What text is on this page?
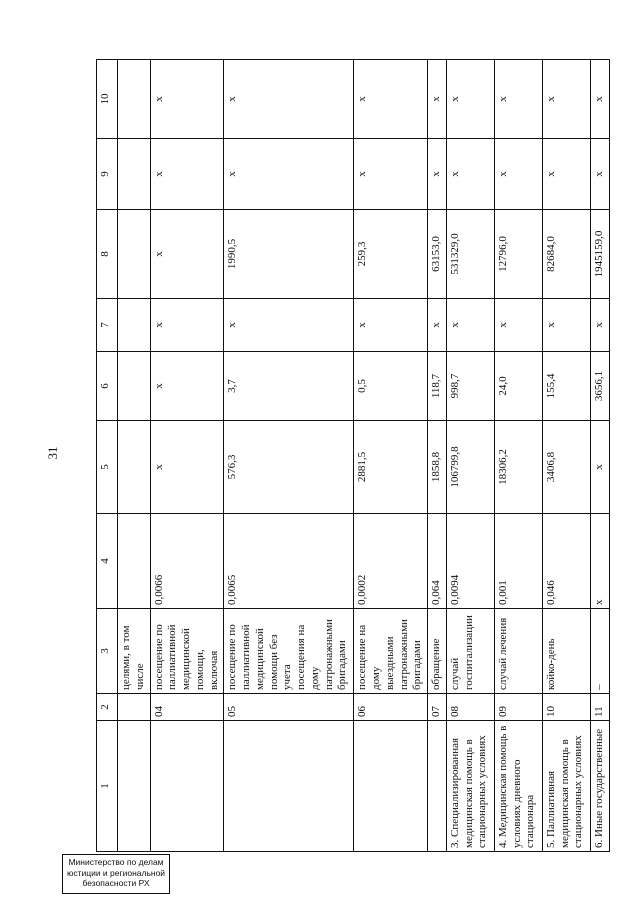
31
1	2	3	4	5	6	7	8	9	10
		целями, в том числе							
	04	посещение по паллиативной медицинской помощи, включая	0,0066	x	x	x	x	x	x
	05	посещение по паллиативной медицинской помощи без учета посещения на дому патронажными бригадами	0,0065	576,3	3,7	x	1990,5	x	x
	06	посещение на дому выездными патронажными бригадами	0,0002	2881,5	0,5	x	259,3	x	x
	07	обращение	0,064	1858,8	118,7	x	63153,0	x	x
3. Специализированная медицинская помощь в стационарных условиях	08	случай госпитализации	0,0094	106799,8	998,7	x	531329,0	x	x
4. Медицинская помощь в условиях дневного стационара	09	случай лечения	0,001	18306,2	24,0	x	12796,0	x	x
5. Паллиативная медицинская помощь в стационарных условиях	10	койко-день	0,046	3406,8	155,4	x	82684,0	x	x
6. Иные государственные	11	–	x	x	3656,1	x	1945159,0	x	x
Министерство по делам юстиции и региональной безопасности РХ
